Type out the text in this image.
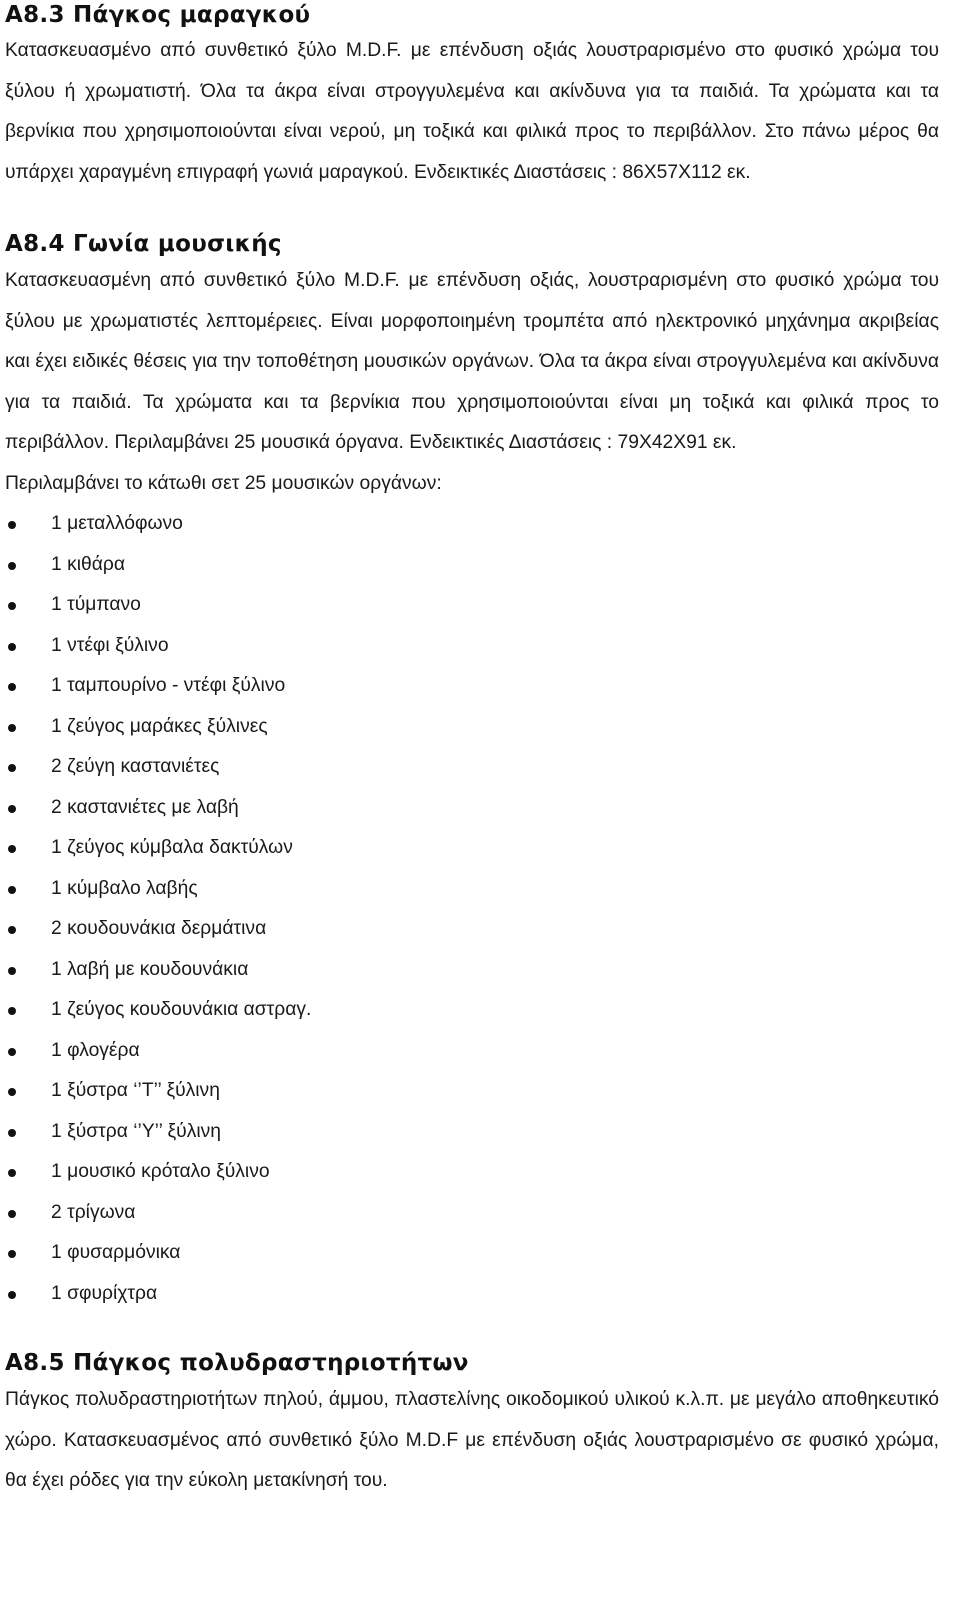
A8.3 Πάγκος μαραγκού

Κατασκευασμένο από συνθετικό ξύλο M.D.F. με επένδυση οξιάς λουστραρισμένο στο φυσικό χρώμα του ξύλου ή χρωματιστή. Όλα τα άκρα είναι στρογγυλεμένα και ακίνδυνα για τα παιδιά. Τα χρώματα και τα βερνίκια που χρησιμοποιούνται είναι νερού, μη τοξικά και φιλικά προς το περιβάλλον. Στο πάνω μέρος θα υπάρχει χαραγμένη επιγραφή γωνιά μαραγκού. Ενδεικτικές Διαστάσεις : 86Χ57Χ112 εκ.

A8.4 Γωνία μουσικής

Κατασκευασμένη από συνθετικό ξύλο M.D.F. με επένδυση οξιάς, λουστραρισμένη στο φυσικό χρώμα του ξύλου με χρωματιστές λεπτομέρειες. Είναι μορφοποιημένη τρομπέτα από ηλεκτρονικό μηχάνημα ακριβείας και έχει ειδικές θέσεις για την τοποθέτηση μουσικών οργάνων. Όλα τα άκρα είναι στρογγυλεμένα και ακίνδυνα για τα παιδιά. Τα χρώματα και τα βερνίκια που χρησιμοποιούνται είναι μη τοξικά και φιλικά προς το περιβάλλον. Περιλαμβάνει 25 μουσικά όργανα. Ενδεικτικές Διαστάσεις : 79Χ42Χ91 εκ.

Περιλαμβάνει το κάτωθι σετ 25 μουσικών οργάνων:

1 μεταλλόφωνο
1 κιθάρα
1 τύμπανο
1 ντέφι ξύλινο
1 ταμπουρίνο - ντέφι ξύλινο
1 ζεύγος μαράκες ξύλινες
2 ζεύγη καστανιέτες
2 καστανιέτες με λαβή
1 ζεύγος κύμβαλα δακτύλων
1 κύμβαλο λαβής
2 κουδουνάκια δερμάτινα
1 λαβή με κουδουνάκια
1 ζεύγος κουδουνάκια αστραγ.
1 φλογέρα
1 ξύστρα ‘’Τ’’ ξύλινη
1 ξύστρα ‘’Υ’’ ξύλινη
1 μουσικό κρόταλο ξύλινο
2 τρίγωνα
1 φυσαρμόνικα
1 σφυρίχτρα
A8.5 Πάγκος πολυδραστηριοτήτων

Πάγκος πολυδραστηριοτήτων πηλού, άμμου, πλαστελίνης οικοδομικού υλικού κ.λ.π. με μεγάλο αποθηκευτικό χώρο. Κατασκευασμένος από συνθετικό ξύλο M.D.F με επένδυση οξιάς λουστραρισμένο σε φυσικό χρώμα, θα έχει ρόδες για την εύκολη μετακίνησή του.
